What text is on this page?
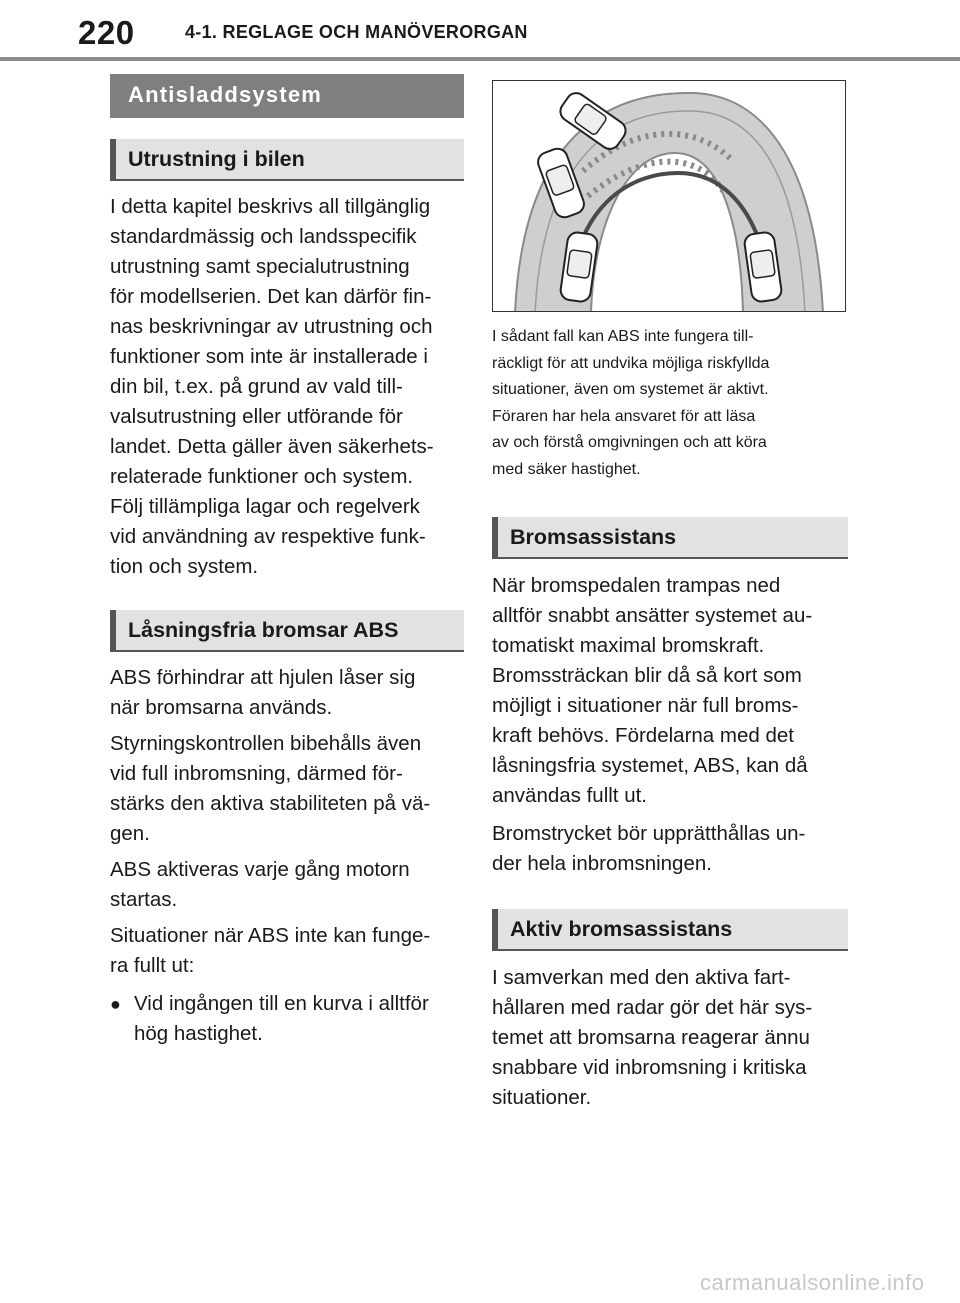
220	4-1. REGLAGE OCH MANÖVERORGAN
Antisladdsystem
Utrustning i bilen

I detta kapitel beskrivs all tillgänglig
standardmässig och landsspecifik
utrustning samt specialutrustning
för modellserien. Det kan därför fin-
nas beskrivningar av utrustning och
funktioner som inte är installerade i
din bil, t.ex. på grund av vald till-
valsutrustning eller utförande för
landet. Detta gäller även säkerhets-
relaterade funktioner och system.
Följ tillämpliga lagar och regelverk
vid användning av respektive funk-
tion och system.

Låsningsfria bromsar ABS

ABS förhindrar att hjulen låser sig
när bromsarna används.

Styrningskontrollen bibehålls även
vid full inbromsning, därmed för-
stärks den aktiva stabiliteten på vä-
gen.

ABS aktiveras varje gång motorn
startas.

Situationer när ABS inte kan funge-
ra fullt ut:

● Vid ingången till en kurva i alltför
hög hastighet.

I sådant fall kan ABS inte fungera till-
räckligt för att undvika möjliga riskfyllda
situationer, även om systemet är aktivt.
Föraren har hela ansvaret för att läsa
av och förstå omgivningen och att köra
med säker hastighet.

Bromsassistans

När bromspedalen trampas ned
alltför snabbt ansätter systemet au-
tomatiskt maximal bromskraft.
Bromssträckan blir då så kort som
möjligt i situationer när full broms-
kraft behövs. Fördelarna med det
låsningsfria systemet, ABS, kan då
användas fullt ut.

Bromstrycket bör upprätthållas un-
der hela inbromsningen.

Aktiv bromsassistans

I samverkan med den aktiva fart-
hållaren med radar gör det här sys-
temet att bromsarna reagerar ännu
snabbare vid inbromsning i kritiska
situationer.

carmanualsonline.info
